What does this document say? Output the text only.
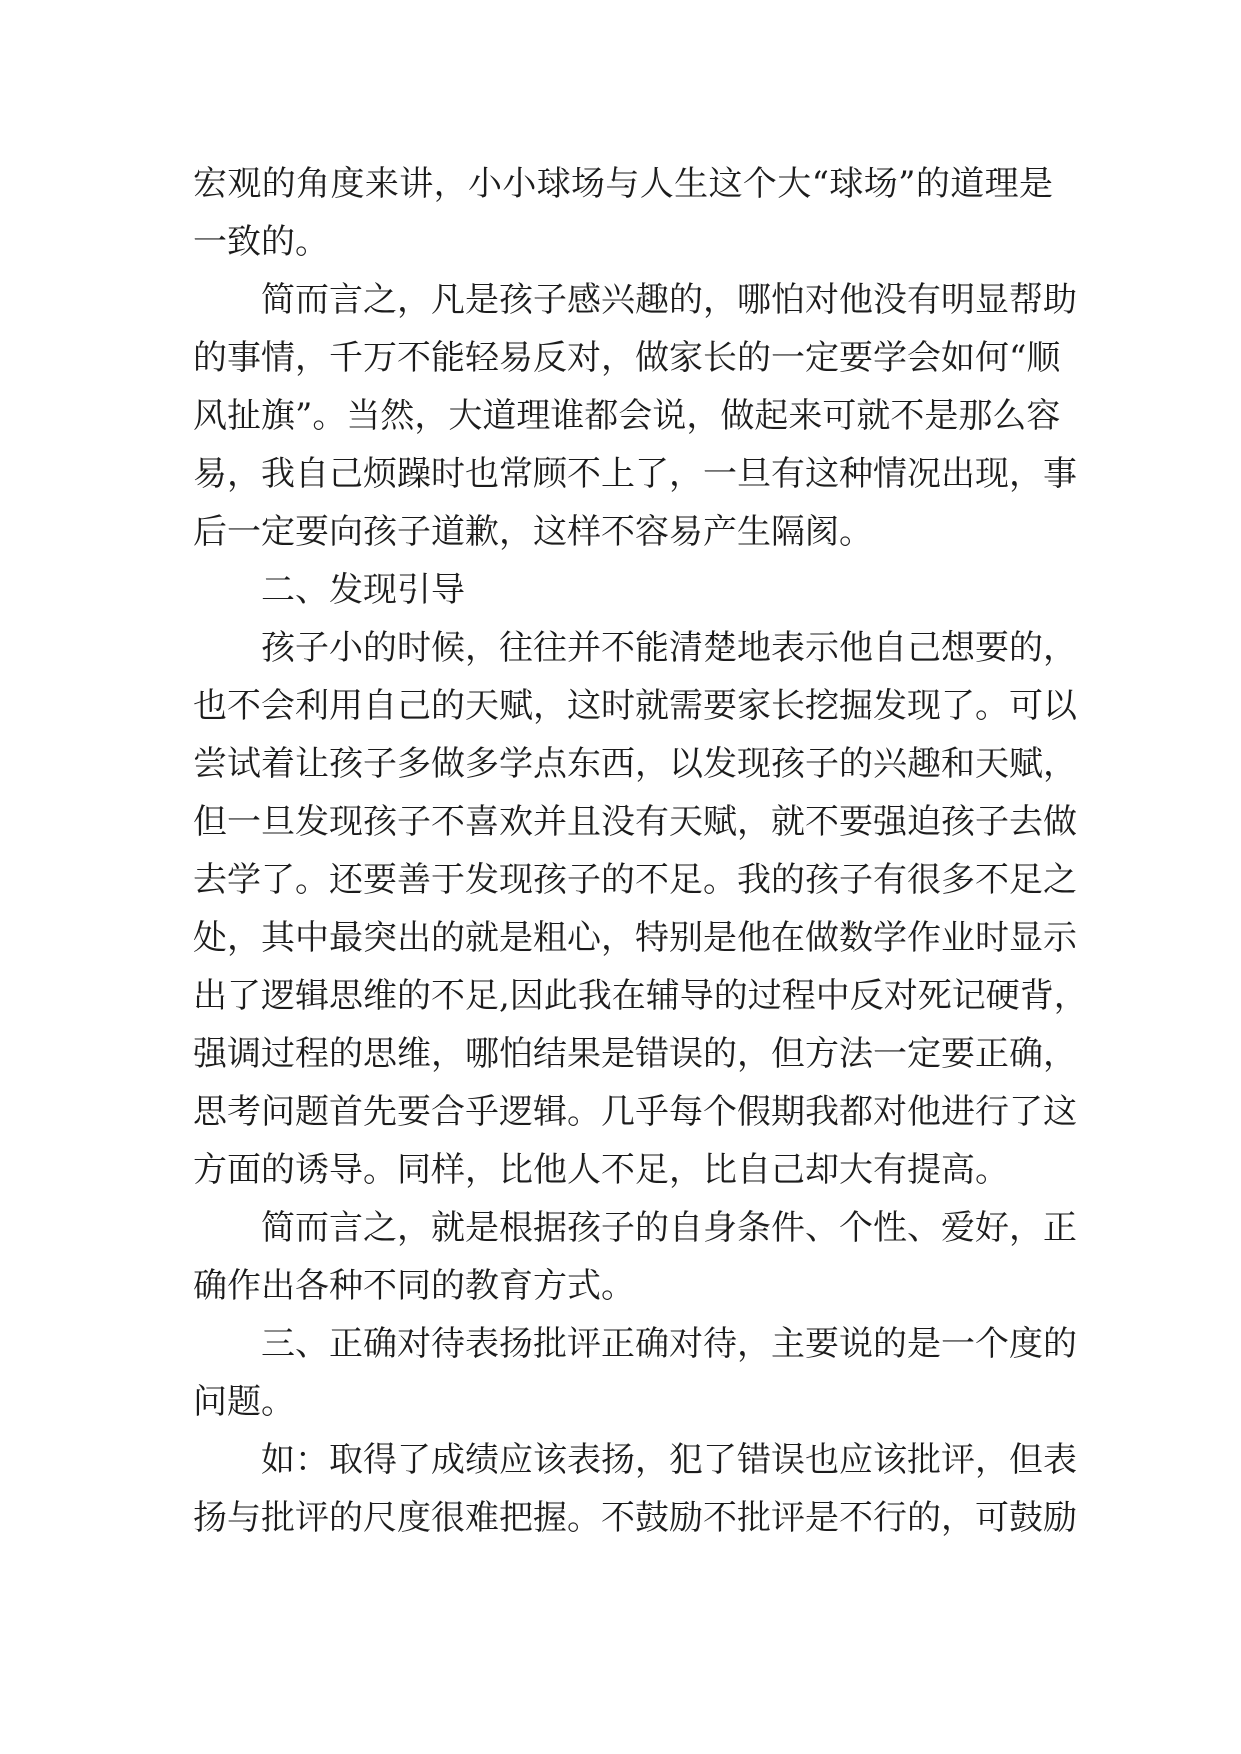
宏观的角度来讲，小小球场与人生这个大“球场”的道理是
一致的。
简而言之，凡是孩子感兴趣的，哪怕对他没有明显帮助
的事情，千万不能轻易反对，做家长的一定要学会如何“顺
风扯旗”。当然，大道理谁都会说，做起来可就不是那么容
易，我自己烦躁时也常顾不上了，一旦有这种情况出现，事
后一定要向孩子道歉，这样不容易产生隔阂。
二、发现引导
孩子小的时候，往往并不能清楚地表示他自己想要的，
也不会利用自己的天赋，这时就需要家长挖掘发现了。可以
尝试着让孩子多做多学点东西，以发现孩子的兴趣和天赋，
但一旦发现孩子不喜欢并且没有天赋，就不要强迫孩子去做
去学了。还要善于发现孩子的不足。我的孩子有很多不足之
处，其中最突出的就是粗心，特别是他在做数学作业时显示
出了逻辑思维的不足,因此我在辅导的过程中反对死记硬背，
强调过程的思维，哪怕结果是错误的，但方法一定要正确，
思考问题首先要合乎逻辑。几乎每个假期我都对他进行了这
方面的诱导。同样，比他人不足，比自己却大有提高。
简而言之，就是根据孩子的自身条件、个性、爱好，正
确作出各种不同的教育方式。
三、正确对待表扬批评正确对待，主要说的是一个度的
问题。
如：取得了成绩应该表扬，犯了错误也应该批评，但表
扬与批评的尺度很难把握。不鼓励不批评是不行的，可鼓励
